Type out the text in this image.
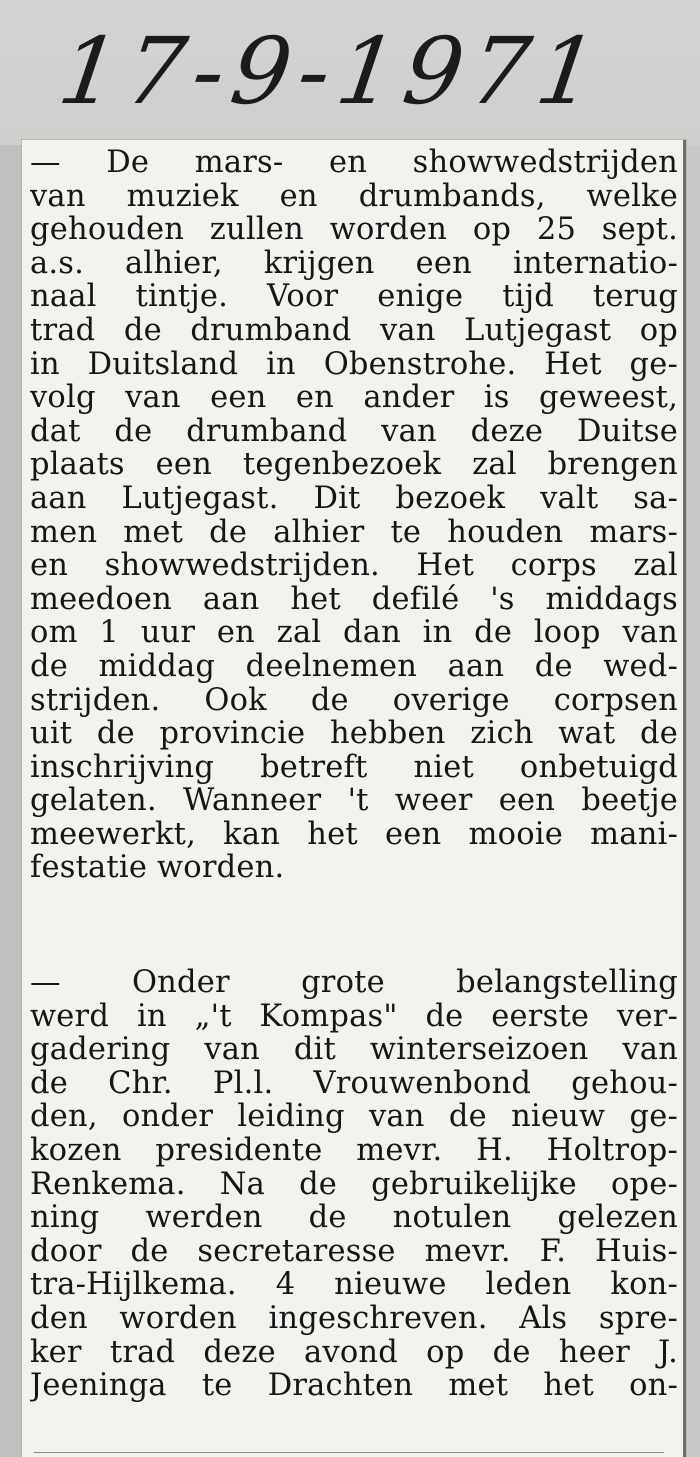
17-9-1971
— De mars- en showwedstrijden
van muziek en drumbands, welke
gehouden zullen worden op 25 sept.
a.s. alhier, krijgen een internatio-
naal tintje. Voor enige tijd terug
trad de drumband van Lutjegast op
in Duitsland in Obenstrohe. Het ge-
volg van een en ander is geweest,
dat de drumband van deze Duitse
plaats een tegenbezoek zal brengen
aan Lutjegast. Dit bezoek valt sa-
men met de alhier te houden mars-
en showwedstrijden. Het corps zal
meedoen aan het defilé 's middags
om 1 uur en zal dan in de loop van
de middag deelnemen aan de wed-
strijden. Ook de overige corpsen
uit de provincie hebben zich wat de
inschrijving betreft niet onbetuigd
gelaten. Wanneer 't weer een beetje
meewerkt, kan het een mooie mani-
festatie worden.
— Onder grote belangstelling
werd in „'t Kompas" de eerste ver-
gadering van dit winterseizoen van
de Chr. Pl.l. Vrouwenbond gehou-
den, onder leiding van de nieuw ge-
kozen presidente mevr. H. Holtrop-
Renkema. Na de gebruikelijke ope-
ning werden de notulen gelezen
door de secretaresse mevr. F. Huis-
tra-Hijlkema. 4 nieuwe leden kon-
den worden ingeschreven. Als spre-
ker trad deze avond op de heer J.
Jeeninga te Drachten met het on-
